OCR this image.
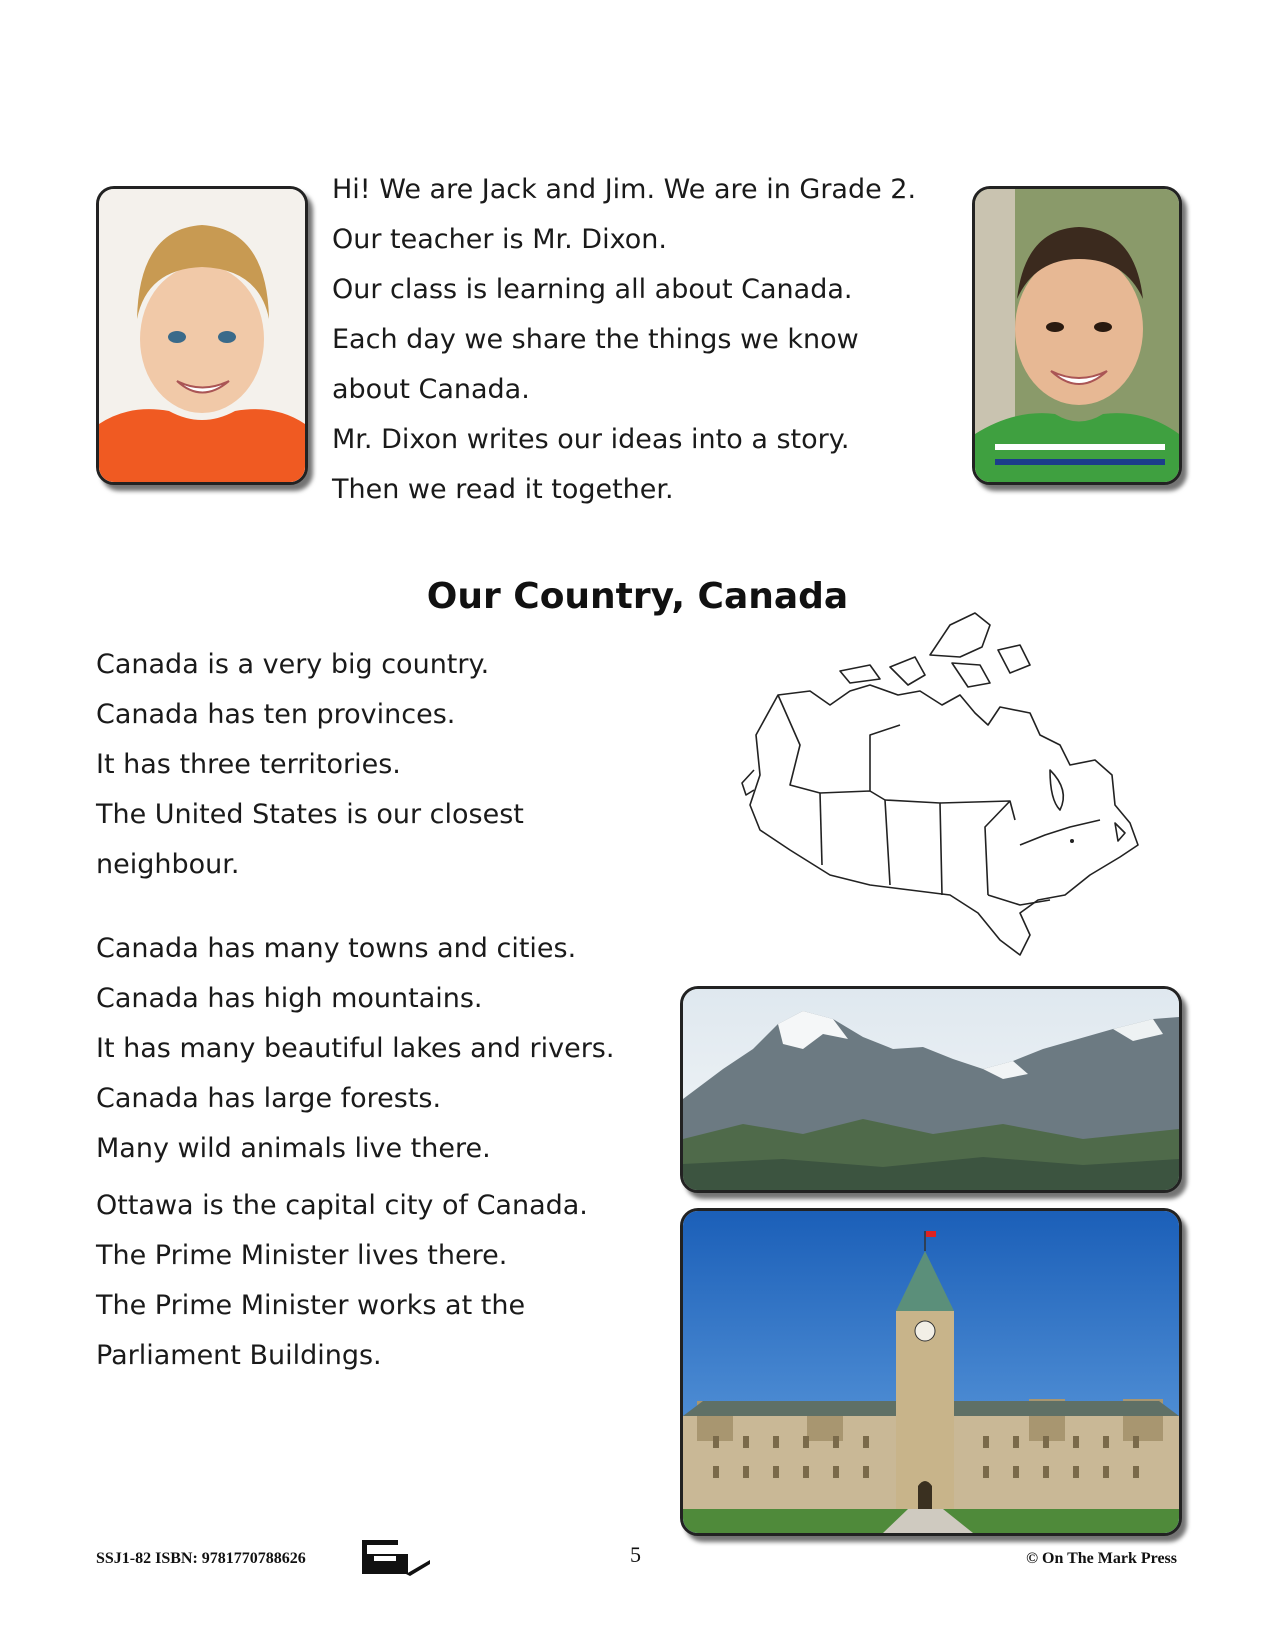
Hi! We are Jack and Jim. We are in Grade 2.

Our teacher is Mr. Dixon.

Our class is learning all about Canada.

Each day we share the things we know

about Canada.

Mr. Dixon writes our ideas into a story.

Then we read it together.

Our Country, Canada

Canada is a very big country.

Canada has ten provinces.

It has three territories.

The United States is our closest

neighbour.

Canada has many towns and cities.

Canada has high mountains.

It has many beautiful lakes and rivers.

Canada has large forests.

Many wild animals live there.

Ottawa is the capital city of Canada.

The Prime Minister lives there.

The Prime Minister works at the

Parliament Buildings.

SSJ1-82 ISBN: 9781770788626	5	© On The Mark Press
